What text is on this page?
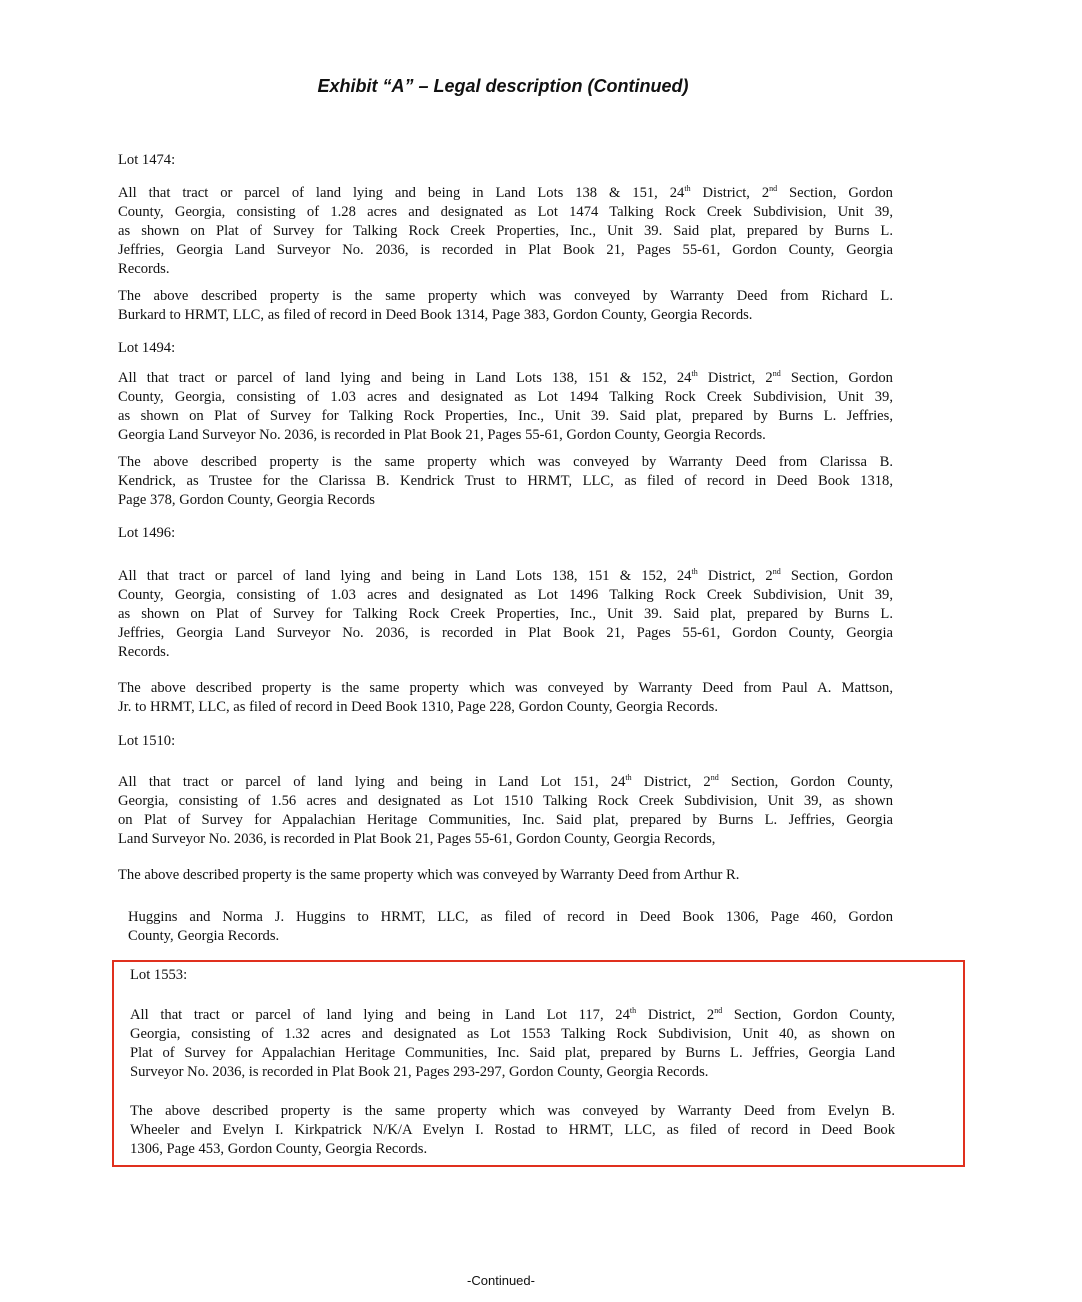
Exhibit “A” – Legal description (Continued)
Lot 1474:
All that tract or parcel of land lying and being in Land Lots 138 & 151, 24th District, 2nd Section, Gordon
County, Georgia, consisting of 1.28 acres and designated as Lot 1474 Talking Rock Creek Subdivision, Unit 39,
as shown on Plat of Survey for Talking Rock Creek Properties, Inc., Unit 39. Said plat, prepared by Burns L.
Jeffries, Georgia Land Surveyor No. 2036, is recorded in Plat Book 21, Pages 55-61, Gordon County, Georgia
Records.
The above described property is the same property which was conveyed by Warranty Deed from Richard L.
Burkard to HRMT, LLC, as filed of record in Deed Book 1314, Page 383, Gordon County, Georgia Records.
Lot 1494:
All that tract or parcel of land lying and being in Land Lots 138, 151 & 152, 24th District, 2nd Section, Gordon
County, Georgia, consisting of 1.03 acres and designated as Lot 1494 Talking Rock Creek Subdivision, Unit 39,
as shown on Plat of Survey for Talking Rock Properties, Inc., Unit 39. Said plat, prepared by Burns L. Jeffries,
Georgia Land Surveyor No. 2036, is recorded in Plat Book 21, Pages 55-61, Gordon County, Georgia Records.
The above described property is the same property which was conveyed by Warranty Deed from Clarissa B.
Kendrick, as Trustee for the Clarissa B. Kendrick Trust to HRMT, LLC, as filed of record in Deed Book 1318,
Page 378, Gordon County, Georgia Records
Lot 1496:
All that tract or parcel of land lying and being in Land Lots 138, 151 & 152, 24th District, 2nd Section, Gordon
County, Georgia, consisting of 1.03 acres and designated as Lot 1496 Talking Rock Creek Subdivision, Unit 39,
as shown on Plat of Survey for Talking Rock Creek Properties, Inc., Unit 39. Said plat, prepared by Burns L.
Jeffries, Georgia Land Surveyor No. 2036, is recorded in Plat Book 21, Pages 55-61, Gordon County, Georgia
Records.
The above described property is the same property which was conveyed by Warranty Deed from Paul A. Mattson,
Jr. to HRMT, LLC, as filed of record in Deed Book 1310, Page 228, Gordon County, Georgia Records.
Lot 1510:
All that tract or parcel of land lying and being in Land Lot 151, 24th District, 2nd Section, Gordon County,
Georgia, consisting of 1.56 acres and designated as Lot 1510 Talking Rock Creek Subdivision, Unit 39, as shown
on Plat of Survey for Appalachian Heritage Communities, Inc. Said plat, prepared by Burns L. Jeffries, Georgia
Land Surveyor No. 2036, is recorded in Plat Book 21, Pages 55-61, Gordon County, Georgia Records,
The above described property is the same property which was conveyed by Warranty Deed from Arthur R.
Huggins and Norma J. Huggins to HRMT, LLC, as filed of record in Deed Book 1306, Page 460, Gordon
County, Georgia Records.
Lot 1553:
All that tract or parcel of land lying and being in Land Lot 117, 24th District, 2nd Section, Gordon County,
Georgia, consisting of 1.32 acres and designated as Lot 1553 Talking Rock Subdivision, Unit 40, as shown on
Plat of Survey for Appalachian Heritage Communities, Inc. Said plat, prepared by Burns L. Jeffries, Georgia Land
Surveyor No. 2036, is recorded in Plat Book 21, Pages 293-297, Gordon County, Georgia Records.
The above described property is the same property which was conveyed by Warranty Deed from Evelyn B.
Wheeler and Evelyn I. Kirkpatrick N/K/A Evelyn I. Rostad to HRMT, LLC, as filed of record in Deed Book
1306, Page 453, Gordon County, Georgia Records.
-Continued-
